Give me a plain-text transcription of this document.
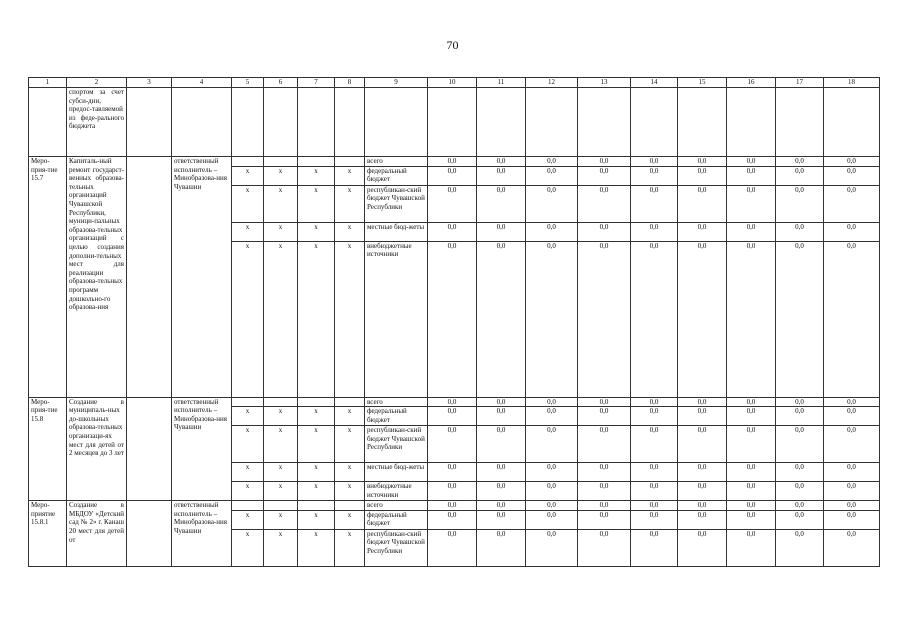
70
1	2	3	4	5	6	7	8	9	10	11	12	13	14	15	16	17	18
	спортом за счет субси-дии, предос-тавляемой из феде-рального бюджета																
Меро-прия-тие 15.7	Капиталь-ный ремонт государст-венных образова-тельных организаций Чувашской Республики, муници-пальных образова-тельных организаций с целью создания дополни-тельных мест для реализации образова-тельных программ дошкольно-го образова-ния		ответственный исполнитель – Минобразова-ния Чувашии					всего	0,0	0,0	0,0	0,0	0,0	0,0	0,0	0,0	0,0
				x	x	x	x	федеральный бюджет	0,0	0,0	0,0	0,0	0,0	0,0	0,0	0,0	0,0
				x	x	x	x	республикан-ский бюджет Чувашской Республики	0,0	0,0	0,0	0,0	0,0	0,0	0,0	0,0	0,0
				x	x	x	x	местные бюд-жеты	0,0	0,0	0,0	0,0	0,0	0,0	0,0	0,0	0,0
				x	x	x	x	внебюджетные источники	0,0	0,0	0,0	0,0	0,0	0,0	0,0	0,0	0,0
Меро-прия-тие 15.8	Создание в муниципаль-ных до-школьных образова-тельных организаци-ях мест для детей от 2 месяцев до 3 лет		ответственный исполнитель – Минобразова-ния Чувашии					всего	0,0	0,0	0,0	0,0	0,0	0,0	0,0	0,0	0,0
				x	x	x	x	федеральный бюджет	0,0	0,0	0,0	0,0	0,0	0,0	0,0	0,0	0,0
				x	x	x	x	республикан-ский бюджет Чувашской Республики	0,0	0,0	0,0	0,0	0,0	0,0	0,0	0,0	0,0
				x	x	x	x	местные бюд-жеты	0,0	0,0	0,0	0,0	0,0	0,0	0,0	0,0	0,0
				x	x	x	x	внебюджетные источники	0,0	0,0	0,0	0,0	0,0	0,0	0,0	0,0	0,0
Меро-приятие 15.8.1	Создание в МБДОУ «Детский сад № 2» г. Канаш 20 мест для детей от		ответственный исполнитель – Минобразова-ния Чувашии					всего	0,0	0,0	0,0	0,0	0,0	0,0	0,0	0,0	0,0
				x	x	x	x	федеральный бюджет	0,0	0,0	0,0	0,0	0,0	0,0	0,0	0,0	0,0
				x	x	x	x	республикан-ский бюджет Чувашской Республики	0,0	0,0	0,0	0,0	0,0	0,0	0,0	0,0	0,0
